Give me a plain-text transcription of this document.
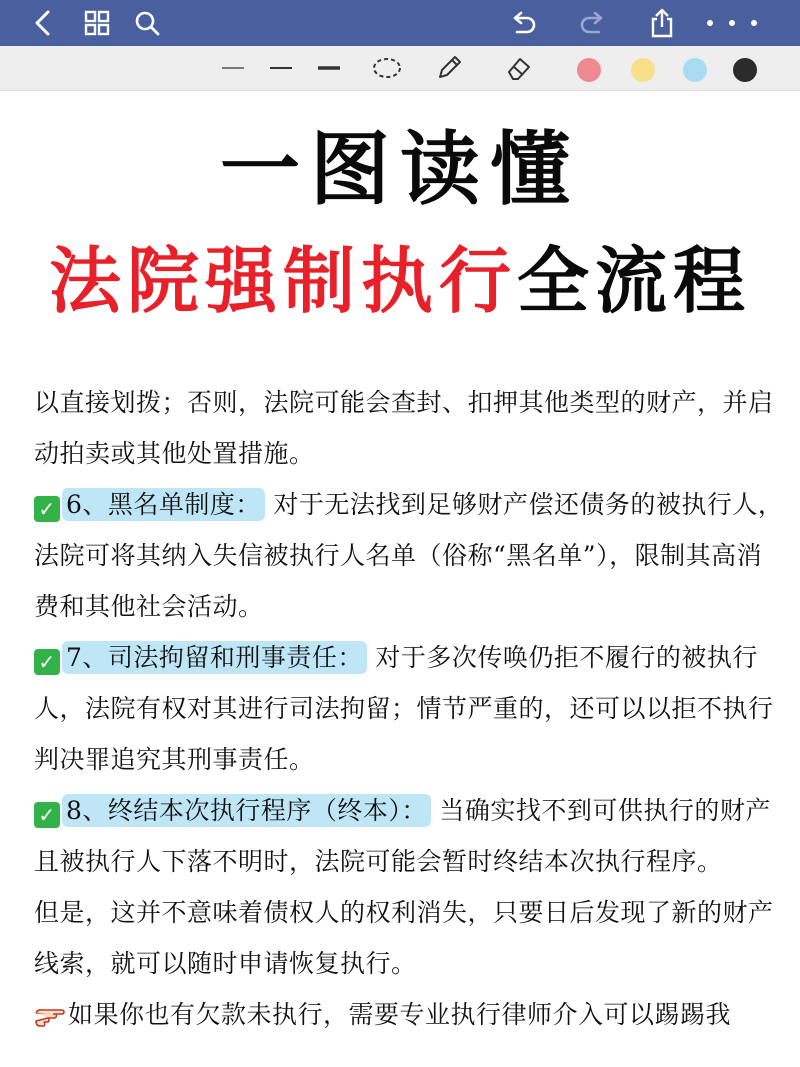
一图读懂
法院强制执行全流程

以直接划拨；否则，法院可能会查封、扣押其他类型的财产，并启动拍卖或其他处置措施。

✓ 6、黑名单制度： 对于无法找到足够财产偿还债务的被执行人，法院可将其纳入失信被执行人名单（俗称“黑名单”），限制其高消费和其他社会活动。

✓ 7、司法拘留和刑事责任： 对于多次传唤仍拒不履行的被执行人，法院有权对其进行司法拘留；情节严重的，还可以以拒不执行判决罪追究其刑事责任。

✓ 8、终结本次执行程序（终本）： 当确实找不到可供执行的财产且被执行人下落不明时，法院可能会暂时终结本次执行程序。

但是，这并不意味着债权人的权利消失，只要日后发现了新的财产线索，就可以随时申请恢复执行。

如果你也有欠款未执行，需要专业执行律师介入可以踢踢我
